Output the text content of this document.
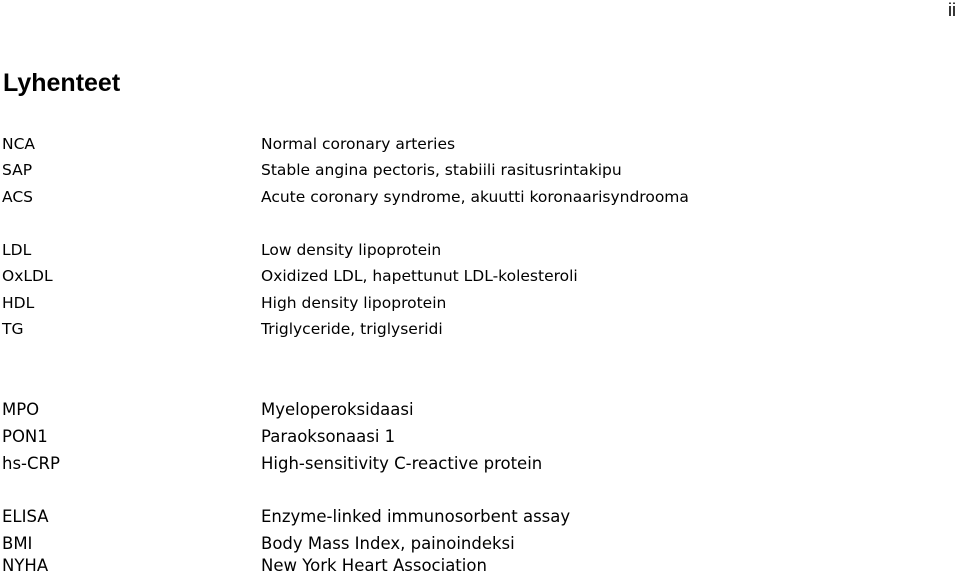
ii
Lyhenteet
NCA	Normal coronary arteries
SAP	Stable angina pectoris, stabiili rasitusrintakipu
ACS	Acute coronary syndrome, akuutti koronaarisyndrooma
LDL	Low density lipoprotein
OxLDL	Oxidized LDL, hapettunut LDL-kolesteroli
HDL	High density lipoprotein
TG	Triglyceride, triglyseridi
MPO	Myeloperoksidaasi
PON1	Paraoksonaasi 1
hs-CRP	High-sensitivity C-reactive protein
ELISA	Enzyme-linked immunosorbent assay
BMI	Body Mass Index, painoindeksi
NYHA	New York Heart Association
